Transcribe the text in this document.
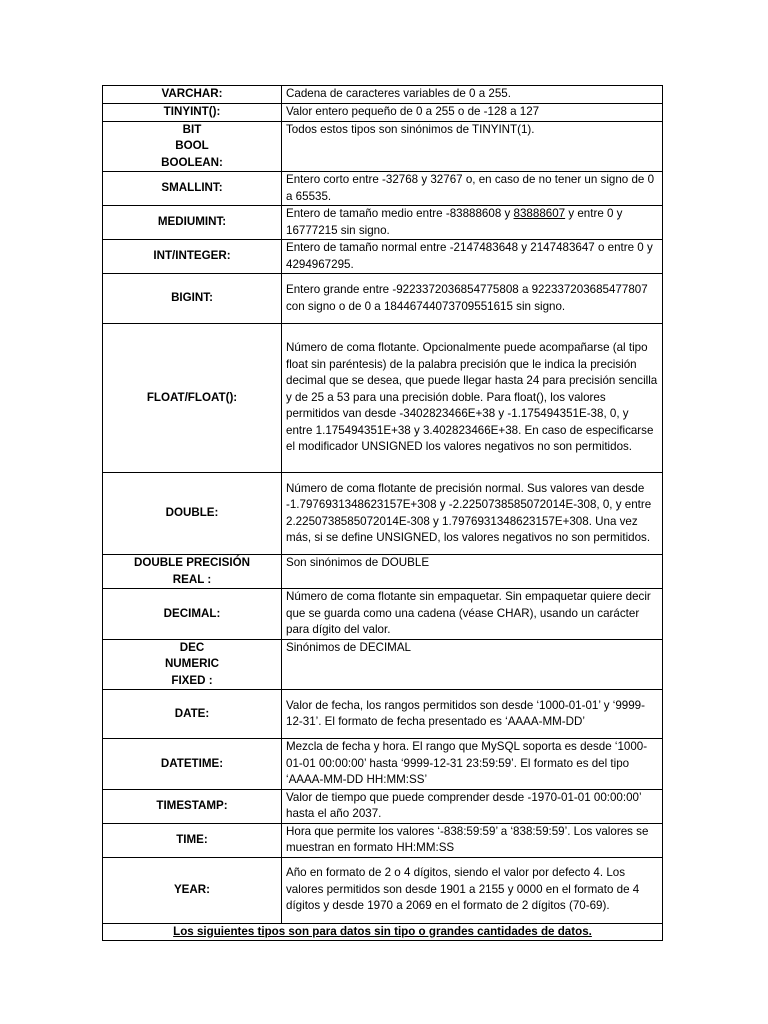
VARCHAR:	Cadena de caracteres variables de 0 a 255.

TINYINT():	Valor entero pequeño de 0 a 255 o de -128 a 127

BIT
BOOL
BOOLEAN:	Todos estos tipos son sinónimos de TINYINT(1).

SMALLINT:	Entero corto entre -32768 y 32767 o, en caso de no tener un signo de 0 a 65535.

MEDIUMINT:	Entero de tamaño medio entre -83888608 y 83888607 y entre 0 y 16777215 sin signo.

INT/INTEGER:	Entero de tamaño normal entre -2147483648 y 2147483647 o entre 0 y 4294967295.

BIGINT:	Entero grande entre -9223372036854775808 a 922337203685477807 con signo o de 0 a 18446744073709551615 sin signo.

FLOAT/FLOAT():	Número de coma flotante. Opcionalmente puede acompañarse (al tipo float sin paréntesis) de la palabra precisión que le indica la precisión decimal que se desea, que puede llegar hasta 24 para precisión sencilla y de 25 a 53 para una precisión doble. Para float(), los valores permitidos van desde -3402823466E+38 y -1.175494351E-38, 0, y entre 1.175494351E+38 y 3.402823466E+38. En caso de especificarse el modificador UNSIGNED los valores negativos no son permitidos.

DOUBLE:	Número de coma flotante de precisión normal. Sus valores van desde -1.7976931348623157E+308 y -2.2250738585072014E-308, 0, y entre 2.2250738585072014E-308 y 1.7976931348623157E+308. Una vez más, si se define UNSIGNED, los valores negativos no son permitidos.

DOUBLE PRECISIÓN
REAL :	Son sinónimos de DOUBLE

DECIMAL:	Número de coma flotante sin empaquetar. Sin empaquetar quiere decir que se guarda como una cadena (véase CHAR), usando un carácter para dígito del valor.

DEC
NUMERIC
FIXED :	Sinónimos de DECIMAL

DATE:	Valor de fecha, los rangos permitidos son desde ‘1000-01-01’ y ‘9999-12-31’. El formato de fecha presentado es ‘AAAA-MM-DD’

DATETIME:	Mezcla de fecha y hora. El rango que MySQL soporta es desde ‘1000-01-01 00:00:00’ hasta ‘9999-12-31 23:59:59’. El formato es del tipo ‘AAAA-MM-DD HH:MM:SS’

TIMESTAMP:	Valor de tiempo que puede comprender desde -1970-01-01 00:00:00’ hasta el año 2037.

TIME:	Hora que permite los valores ‘-838:59:59’ a ‘838:59:59’. Los valores se muestran en formato HH:MM:SS

YEAR:	Año en formato de 2 o 4 dígitos, siendo el valor por defecto 4. Los valores permitidos son desde 1901 a 2155 y 0000 en el formato de 4 dígitos y desde 1970 a 2069 en el formato de 2 dígitos (70-69).
Los siguientes tipos son para datos sin tipo o grandes cantidades de datos.	
